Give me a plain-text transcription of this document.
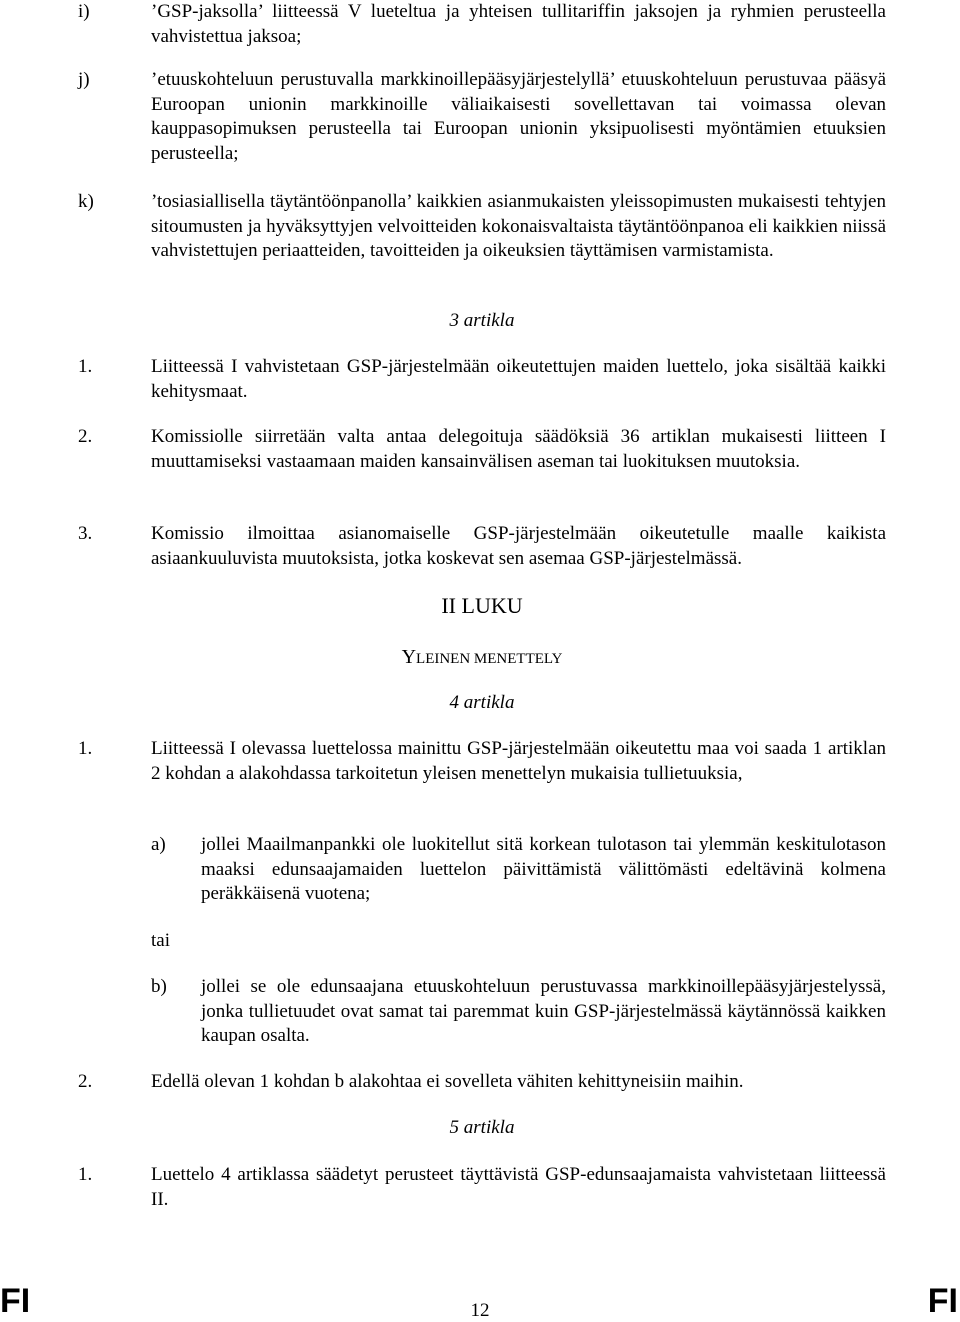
i)	’GSP-jaksolla’ liitteessä V lueteltua ja yhteisen tullitariffin jaksojen ja ryhmien perusteella vahvistettua jaksoa;
j)	’etuuskohteluun perustuvalla markkinoillepääsyjärjestelyllä’ etuuskohteluun perustuvaa pääsyä Euroopan unionin markkinoille väliaikaisesti sovellettavan tai voimassa olevan kauppasopimuksen perusteella tai Euroopan unionin yksipuolisesti myöntämien etuuksien perusteella;
k)	’tosiasiallisella täytäntöönpanolla’ kaikkien asianmukaisten yleissopimusten mukaisesti tehtyjen sitoumusten ja hyväksyttyjen velvoitteiden kokonaisvaltaista täytäntöönpanoa eli kaikkien niissä vahvistettujen periaatteiden, tavoitteiden ja oikeuksien täyttämisen varmistamista.
3 artikla
1.	Liitteessä I vahvistetaan GSP-järjestelmään oikeutettujen maiden luettelo, joka sisältää kaikki kehitysmaat.
2.	Komissiolle siirretään valta antaa delegoituja säädöksiä 36 artiklan mukaisesti liitteen I muuttamiseksi vastaamaan maiden kansainvälisen aseman tai luokituksen muutoksia.
3.	Komissio ilmoittaa asianomaiselle GSP-järjestelmään oikeutetulle maalle kaikista asiaankuuluvista muutoksista, jotka koskevat sen asemaa GSP-järjestelmässä.
II LUKU
YLEINEN MENETTELY
4 artikla
1.	Liitteessä I olevassa luettelossa mainittu GSP-järjestelmään oikeutettu maa voi saada 1 artiklan 2 kohdan a alakohdassa tarkoitetun yleisen menettelyn mukaisia tullietuuksia,
a) jollei Maailmanpankki ole luokitellut sitä korkean tulotason tai ylemmän keskitulotason maaksi edunsaajamaiden luettelon päivittämistä välittömästi edeltävinä kolmena peräkkäisenä vuotena;
tai
b) jollei se ole edunsaajana etuuskohteluun perustuvassa markkinoillepääsyjärjestelyssä, jonka tullietuudet ovat samat tai paremmat kuin GSP-järjestelmässä käytännössä kaikken kaupan osalta.
2.	Edellä olevan 1 kohdan b alakohtaa ei sovelleta vähiten kehittyneisiin maihin.
5 artikla
1.	Luettelo 4 artiklassa säädetyt perusteet täyttävistä GSP-edunsaajamaista vahvistetaan liitteessä II.
FI	12	FI
